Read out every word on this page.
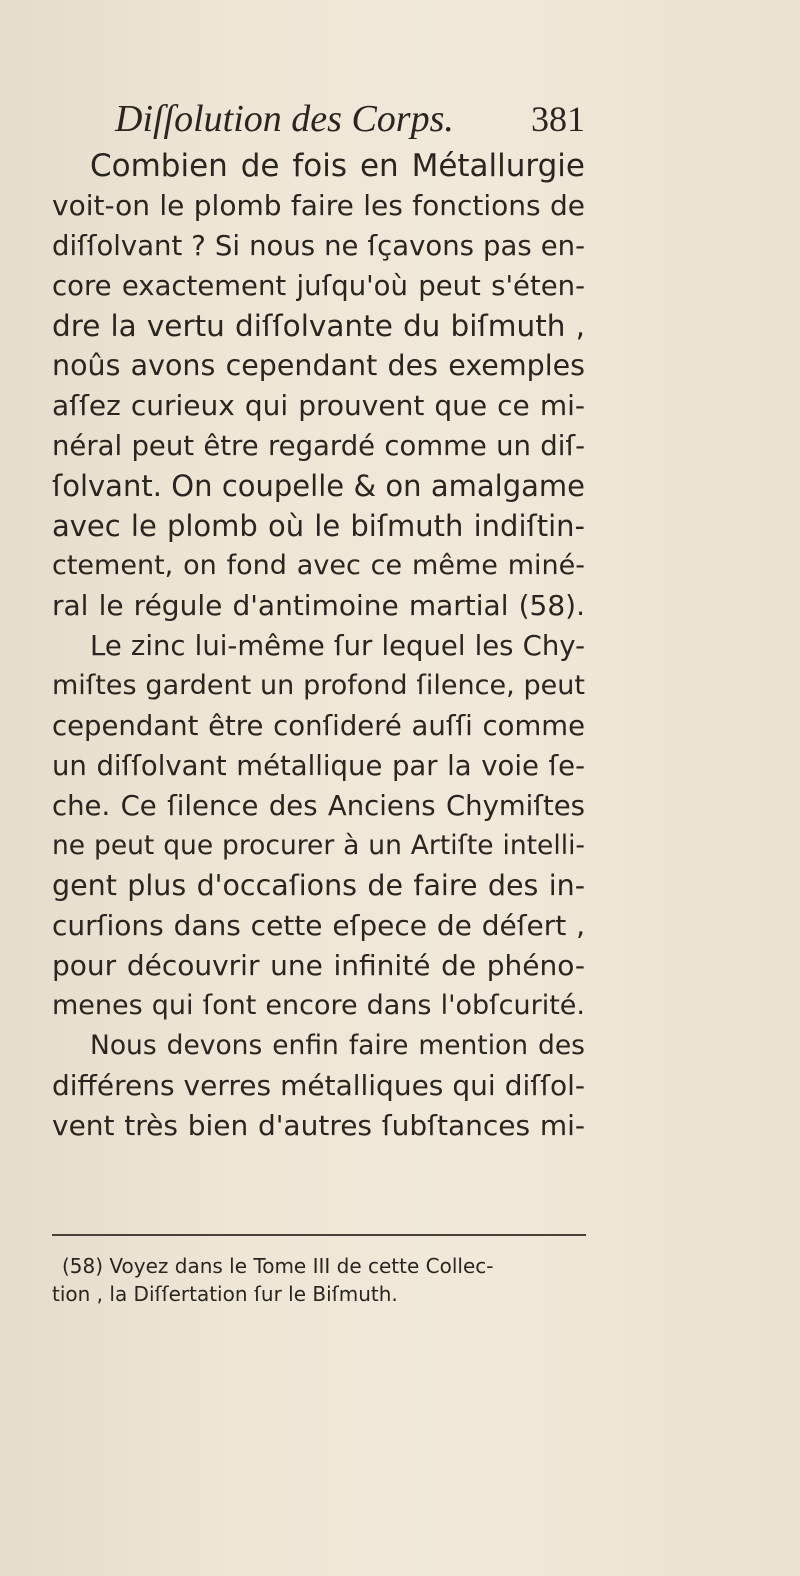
Diſſolution des Corps. 381
Combien de fois en Métallurgie
voit-on le plomb faire les fonctions de
diſſolvant ? Si nous ne ſçavons pas en-
core exactement juſqu'où peut s'éten-
dre la vertu diſſolvante du biſmuth ,
noûs avons cependant des exemples
aſſez curieux qui prouvent que ce mi-
néral peut être regardé comme un diſ-
ſolvant. On coupelle & on amalgame
avec le plomb où le biſmuth indiſtin-
ctement, on fond avec ce même miné-
ral le régule d'antimoine martial (58).
Le zinc lui-même ſur lequel les Chy-
miſtes gardent un profond ſilence, peut
cependant être conſideré auſſi comme
un diſſolvant métallique par la voie ſe-
che. Ce ſilence des Anciens Chymiſtes
ne peut que procurer à un Artiſte intelli-
gent plus d'occaſions de faire des in-
curſions dans cette eſpece de déſert ,
pour découvrir une infinité de phéno-
menes qui ſont encore dans l'obſcurité.
Nous devons enfin faire mention des
différens verres métalliques qui diſſol-
vent très bien d'autres ſubſtances mi-
(58) Voyez dans le Tome III de cette Collec-
tion , la Diſſertation ſur le Biſmuth.
